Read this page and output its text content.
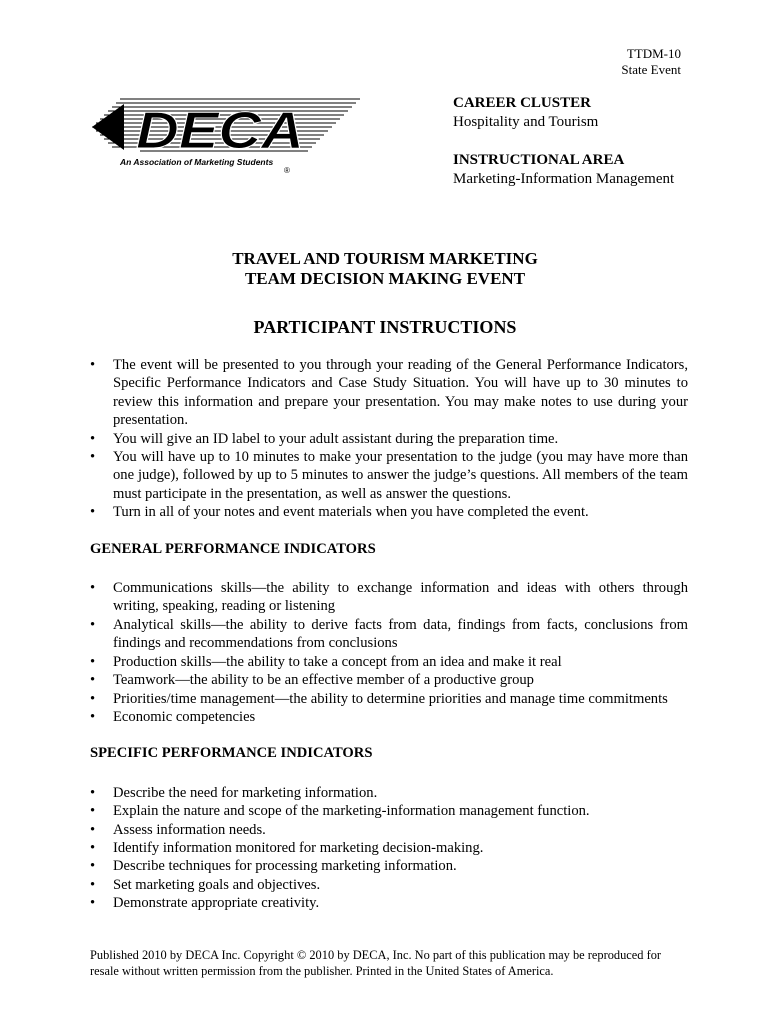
TTDM-10
State Event
DECA
An Association of Marketing Students
®
CAREER CLUSTER
Hospitality and Tourism
INSTRUCTIONAL AREA
Marketing-Information Management
TRAVEL AND TOURISM MARKETING
TEAM DECISION MAKING EVENT
PARTICIPANT INSTRUCTIONS
• The event will be presented to you through your reading of the General Performance Indicators, Specific Performance Indicators and Case Study Situation. You will have up to 30 minutes to review this information and prepare your presentation. You may make notes to use during your presentation.
• You will give an ID label to your adult assistant during the preparation time.
• You will have up to 10 minutes to make your presentation to the judge (you may have more than one judge), followed by up to 5 minutes to answer the judge’s questions. All members of the team must participate in the presentation, as well as answer the questions.
• Turn in all of your notes and event materials when you have completed the event.
GENERAL PERFORMANCE INDICATORS
• Communications skills—the ability to exchange information and ideas with others through writing, speaking, reading or listening
• Analytical skills—the ability to derive facts from data, findings from facts, conclusions from findings and recommendations from conclusions
• Production skills—the ability to take a concept from an idea and make it real
• Teamwork—the ability to be an effective member of a productive group
• Priorities/time management—the ability to determine priorities and manage time commitments
• Economic competencies
SPECIFIC PERFORMANCE INDICATORS
• Describe the need for marketing information.
• Explain the nature and scope of the marketing-information management function.
• Assess information needs.
• Identify information monitored for marketing decision-making.
• Describe techniques for processing marketing information.
• Set marketing goals and objectives.
• Demonstrate appropriate creativity.
Published 2010 by DECA Inc. Copyright © 2010 by DECA, Inc. No part of this publication may be reproduced for resale without written permission from the publisher. Printed in the United States of America.
